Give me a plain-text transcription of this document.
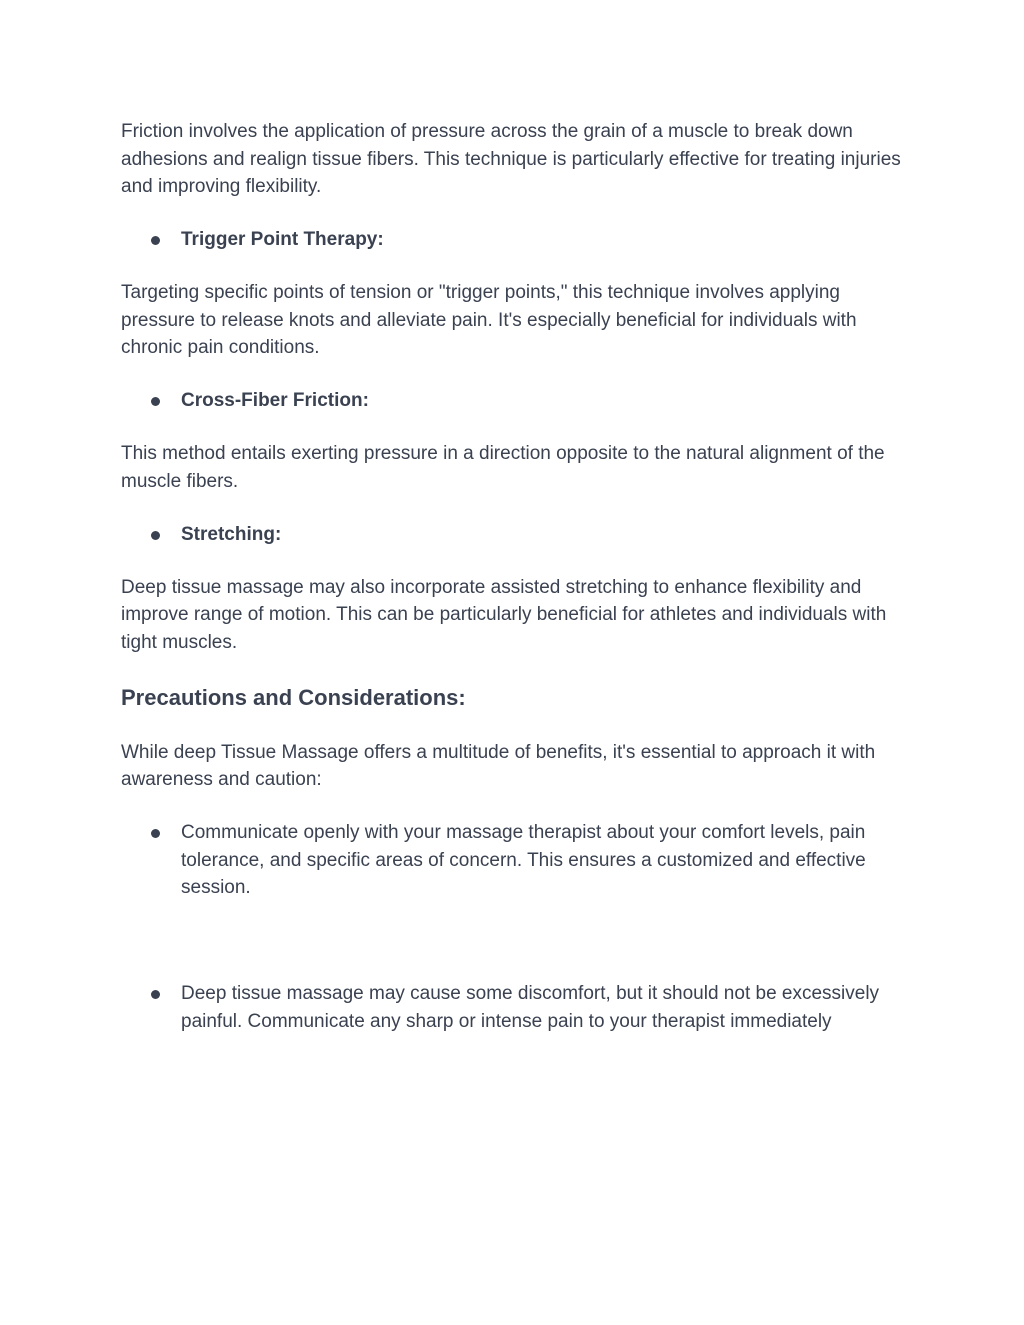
Friction involves the application of pressure across the grain of a muscle to break down adhesions and realign tissue fibers. This technique is particularly effective for treating injuries and improving flexibility.

Trigger Point Therapy:

Targeting specific points of tension or "trigger points," this technique involves applying pressure to release knots and alleviate pain. It's especially beneficial for individuals with chronic pain conditions.

Cross-Fiber Friction:

This method entails exerting pressure in a direction opposite to the natural alignment of the muscle fibers.

Stretching:

Deep tissue massage may also incorporate assisted stretching to enhance flexibility and improve range of motion. This can be particularly beneficial for athletes and individuals with tight muscles.

Precautions and Considerations:

While deep Tissue Massage offers a multitude of benefits, it's essential to approach it with awareness and caution:

Communicate openly with your massage therapist about your comfort levels, pain tolerance, and specific areas of concern. This ensures a customized and effective session.
Deep tissue massage may cause some discomfort, but it should not be excessively painful. Communicate any sharp or intense pain to your therapist immediately
